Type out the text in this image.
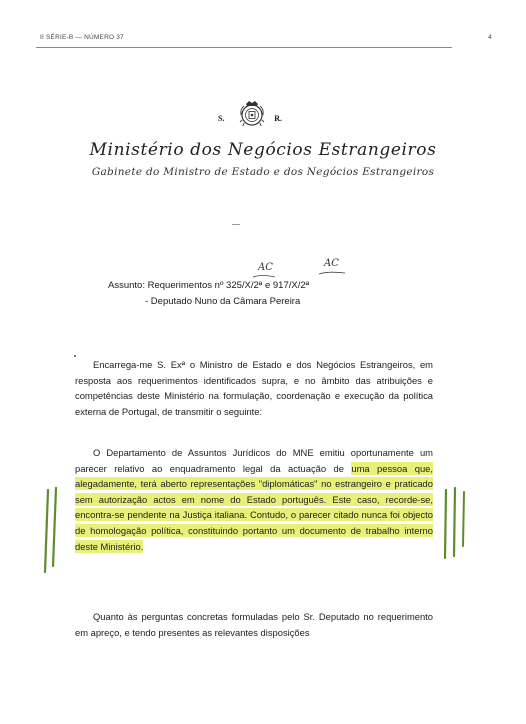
II SÉRIE-B — NÚMERO 37	4
S.	R.
Ministério dos Negócios Estrangeiros
Gabinete do Ministro de Estado e dos Negócios Estrangeiros
Assunto: Requerimentos nº 325/X/2ª e 917/X/2ª
- Deputado Nuno da Câmara Pereira
AC	AC
Encarrega-me S. Exª o Ministro de Estado e dos Negócios Estrangeiros, em resposta aos requerimentos identificados supra, e no âmbito das atribuições e competências deste Ministério na formulação, coordenação e execução da política externa de Portugal, de transmitir o seguinte:
O Departamento de Assuntos Jurídicos do MNE emitiu oportunamente um parecer relativo ao enquadramento legal da actuação de uma pessoa que, alegadamente, terá aberto representações "diplomáticas" no estrangeiro e praticado sem autorização actos em nome do Estado português. Este caso, recorde-se, encontra-se pendente na Justiça italiana. Contudo, o parecer citado nunca foi objecto de homologação política, constituindo portanto um documento de trabalho interno deste Ministério.
Quanto às perguntas concretas formuladas pelo Sr. Deputado no requerimento em apreço, e tendo presentes as relevantes disposições
